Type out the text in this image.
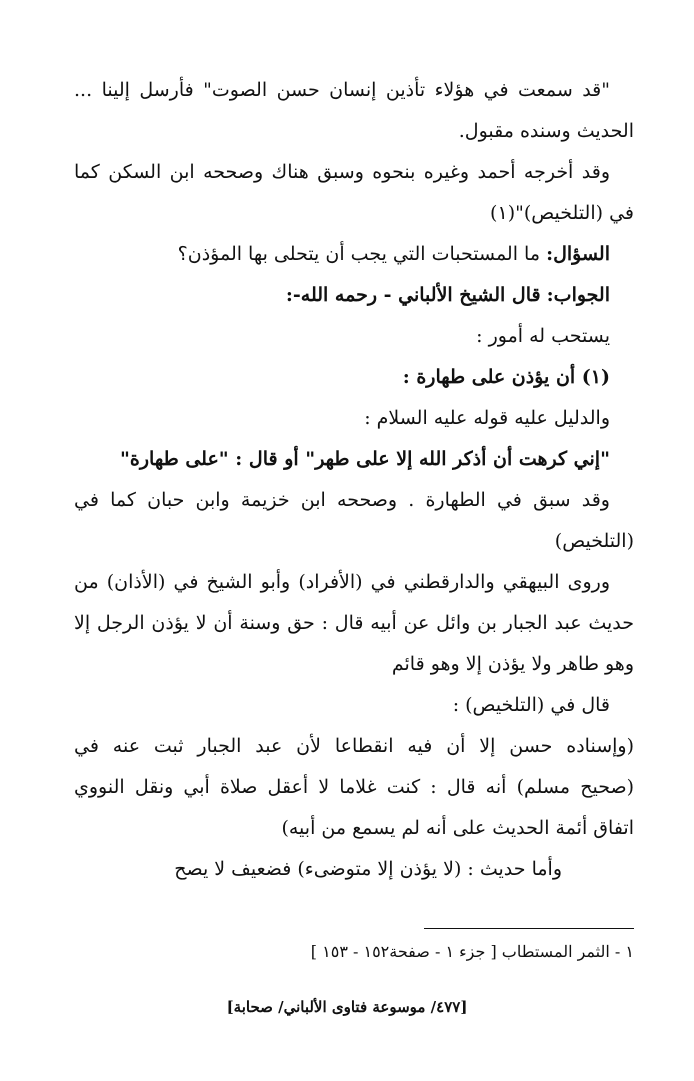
"قد سمعت في هؤلاء تأذين إنسان حسن الصوت" فأرسل إلينا ...
الحديث وسنده مقبول.
وقد أخرجه أحمد وغيره بنحوه وسبق هناك وصححه ابن السكن كما
في (التلخيص)"(١)
السؤال: ما المستحبات التي يجب أن يتحلى بها المؤذن؟
الجواب: قال الشيخ الألباني - رحمه الله-:
يستحب له أمور :
(١) أن يؤذن على طهارة :
والدليل عليه قوله عليه السلام :
"إني كرهت أن أذكر الله إلا على طهر" أو قال : "على طهارة"
وقد سبق في الطهارة . وصححه ابن خزيمة وابن حبان كما في
(التلخيص)
وروى البيهقي والدارقطني في (الأفراد) وأبو الشيخ في (الأذان) من
حديث عبد الجبار بن وائل عن أبيه قال : حق وسنة أن لا يؤذن الرجل إلا
وهو طاهر ولا يؤذن إلا وهو قائم
قال في (التلخيص) :
(وإسناده حسن إلا أن فيه انقطاعا لأن عبد الجبار ثبت عنه في
(صحيح مسلم) أنه قال : كنت غلاما لا أعقل صلاة أبي ونقل النووي
اتفاق أئمة الحديث على أنه لم يسمع من أبيه)
وأما حديث : (لا يؤذن إلا متوضىء) فضعيف لا يصح
١ - الثمر المستطاب [ جزء ١ - صفحة١٥٢ - ١٥٣ ]
[٤٧٧/ موسوعة فتاوى الألباني/ صحابة]
